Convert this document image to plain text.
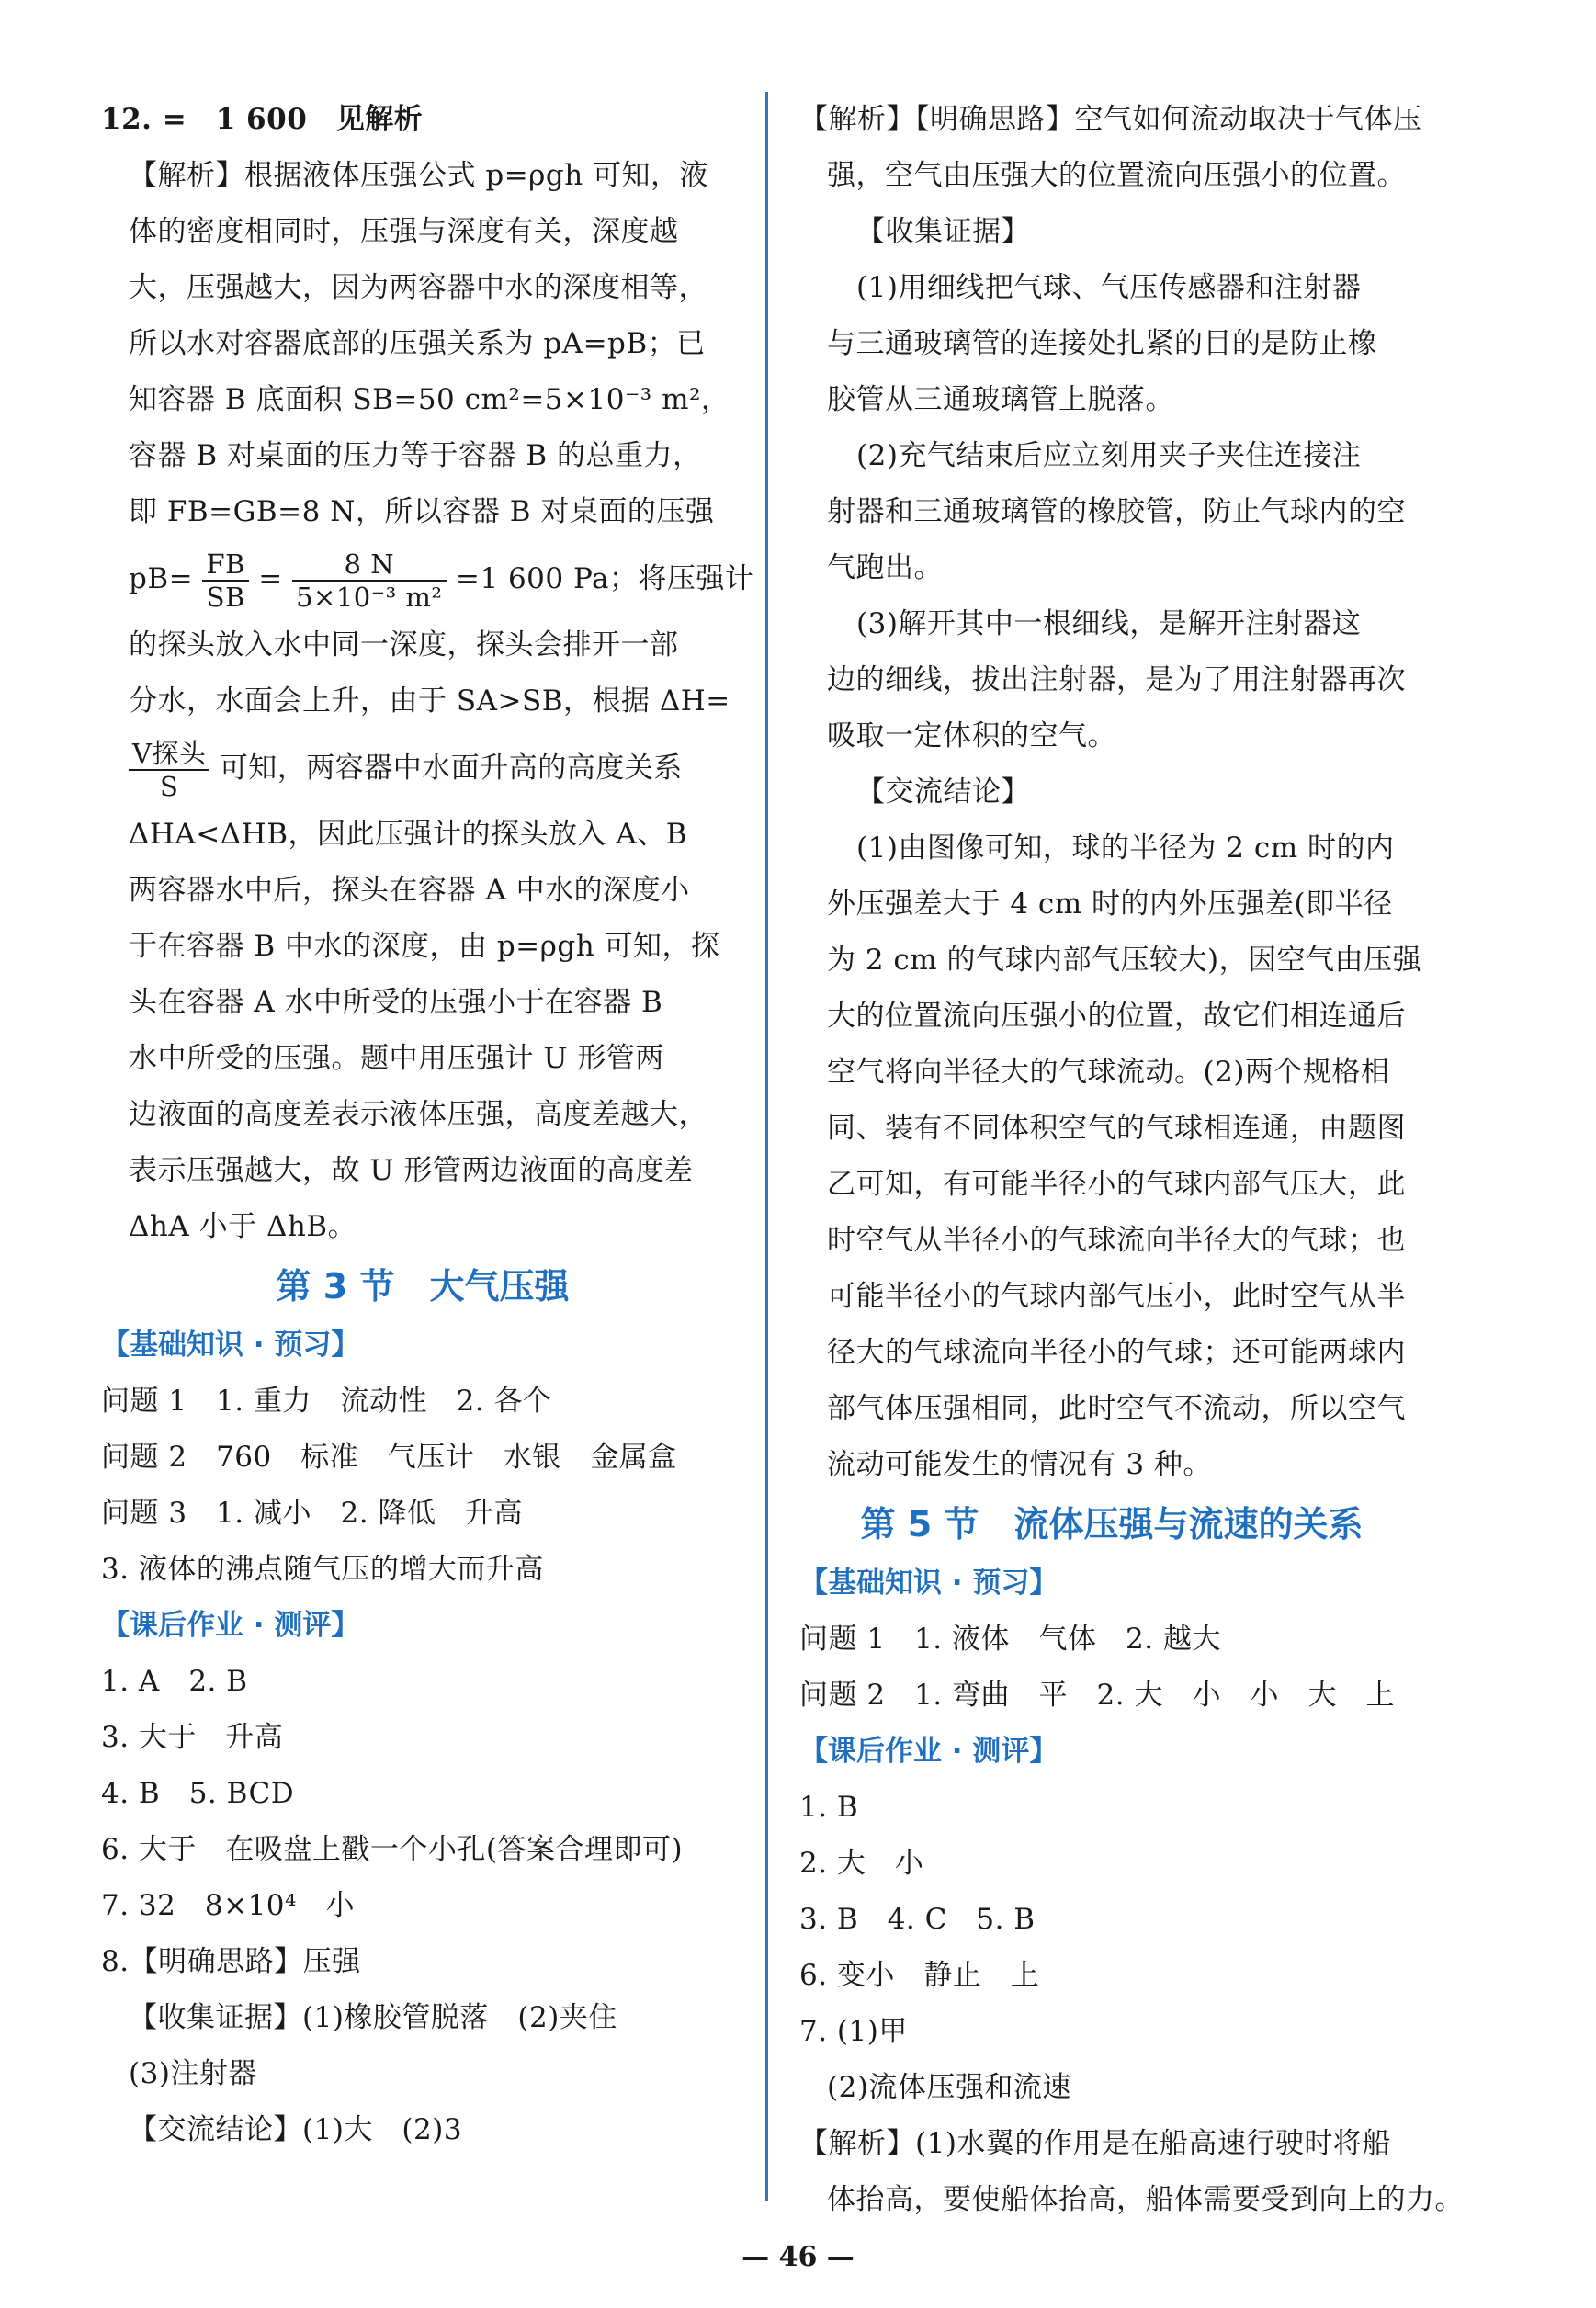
12. =　1 600　见解析
【解析】根据液体压强公式 p=ρgh 可知，液
体的密度相同时，压强与深度有关，深度越
大，压强越大，因为两容器中水的深度相等，
所以水对容器底部的压强关系为 pA=pB；已
知容器 B 底面积 SB=50 cm²=5×10⁻³ m²，
容器 B 对桌面的压力等于容器 B 的总重力，
即 FB=GB=8 N，所以容器 B 对桌面的压强
$pB= \frac{FB}{SB} = \frac{8 N}{\text{5×10⁻³ m²}} =1$ 600 Pa；将压强计
的探头放入水中同一深度，探头会排开一部
分水，水面会上升，由于 SA>SB，根据 ΔH=
$\frac{\text{V探头}}{S}$ 可知，两容器中水面升高的高度关系
ΔHA<ΔHB，因此压强计的探头放入 A、B
两容器水中后，探头在容器 A 中水的深度小
于在容器 B 中水的深度，由 p=ρgh 可知，探
头在容器 A 水中所受的压强小于在容器 B
水中所受的压强。题中用压强计 U 形管两
边液面的高度差表示液体压强，高度差越大，
表示压强越大，故 U 形管两边液面的高度差
ΔhA 小于 ΔhB。
第 3 节　大气压强
【基础知识 · 预习】
问题 1　1. 重力　流动性　2. 各个
问题 2　760　标准　气压计　水银　金属盒
问题 3　1. 减小　2. 降低　升高
3. 液体的沸点随气压的增大而升高
【课后作业 · 测评】
1. A　2. B
3. 大于　升高
4. B　5. BCD
6. 大于　在吸盘上戳一个小孔(答案合理即可)
7. 32　8×10⁴　小
8.【明确思路】压强
【收集证据】(1)橡胶管脱落　(2)夹住
(3)注射器
【交流结论】(1)大　(2)3
【解析】【明确思路】空气如何流动取决于气体压
强，空气由压强大的位置流向压强小的位置。
【收集证据】
(1)用细线把气球、气压传感器和注射器
与三通玻璃管的连接处扎紧的目的是防止橡
胶管从三通玻璃管上脱落。
(2)充气结束后应立刻用夹子夹住连接注
射器和三通玻璃管的橡胶管，防止气球内的空
气跑出。
(3)解开其中一根细线，是解开注射器这
边的细线，拔出注射器，是为了用注射器再次
吸取一定体积的空气。
【交流结论】
(1)由图像可知，球的半径为 2 cm 时的内
外压强差大于 4 cm 时的内外压强差(即半径
为 2 cm 的气球内部气压较大)，因空气由压强
大的位置流向压强小的位置，故它们相连通后
空气将向半径大的气球流动。(2)两个规格相
同、装有不同体积空气的气球相连通，由题图
乙可知，有可能半径小的气球内部气压大，此
时空气从半径小的气球流向半径大的气球；也
可能半径小的气球内部气压小，此时空气从半
径大的气球流向半径小的气球；还可能两球内
部气体压强相同，此时空气不流动，所以空气
流动可能发生的情况有 3 种。
第 5 节　流体压强与流速的关系
【基础知识 · 预习】
问题 1　1. 液体　气体　2. 越大
问题 2　1. 弯曲　平　2. 大　小　小　大　上
【课后作业 · 测评】
1. B
2. 大　小
3. B　4. C　5. B
6. 变小　静止　上
7. (1)甲
(2)流体压强和流速
【解析】(1)水翼的作用是在船高速行驶时将船
体抬高，要使船体抬高，船体需要受到向上的力。
— 46 —
